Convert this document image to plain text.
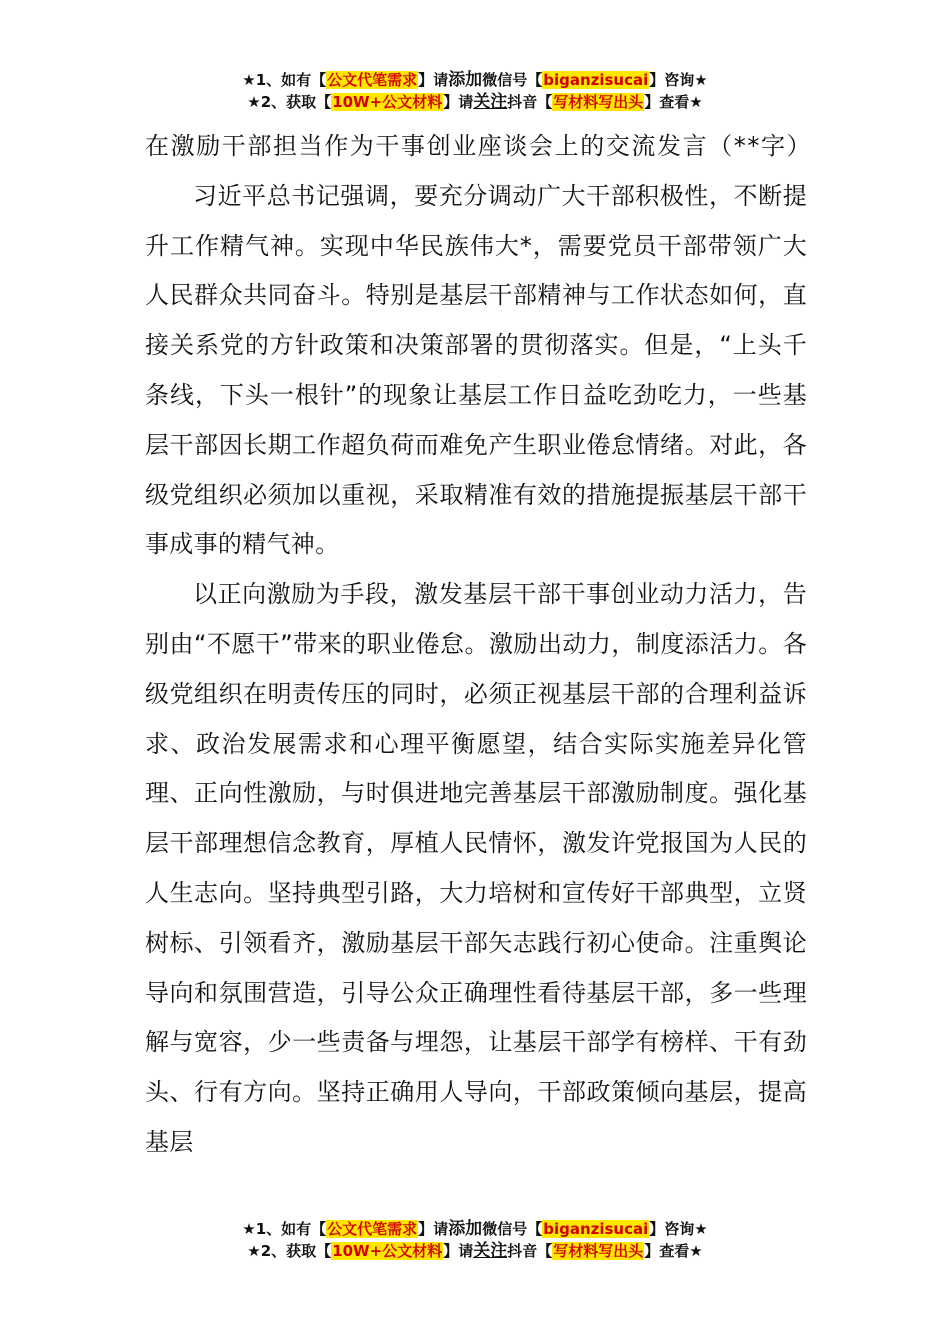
★1、如有【公文代笔需求】请添加微信号【biganzisucai】咨询★
★2、获取【10W+公文材料】请关注抖音【写材料写出头】查看★

在激励干部担当作为干事创业座谈会上的交流发言（**字）

习近平总书记强调，要充分调动广大干部积极性，不断提升工作精气神。实现中华民族伟大*，需要党员干部带领广大人民群众共同奋斗。特别是基层干部精神与工作状态如何，直接关系党的方针政策和决策部署的贯彻落实。但是，“上头千条线，下头一根针”的现象让基层工作日益吃劲吃力，一些基层干部因长期工作超负荷而难免产生职业倦怠情绪。对此，各级党组织必须加以重视，采取精准有效的措施提振基层干部干事成事的精气神。

以正向激励为手段，激发基层干部干事创业动力活力，告别由“不愿干”带来的职业倦怠。激励出动力，制度添活力。各级党组织在明责传压的同时，必须正视基层干部的合理利益诉求、政治发展需求和心理平衡愿望，结合实际实施差异化管理、正向性激励，与时俱进地完善基层干部激励制度。强化基层干部理想信念教育，厚植人民情怀，激发许党报国为人民的人生志向。坚持典型引路，大力培树和宣传好干部典型，立贤树标、引领看齐，激励基层干部矢志践行初心使命。注重舆论导向和氛围营造，引导公众正确理性看待基层干部，多一些理解与宽容，少一些责备与埋怨，让基层干部学有榜样、干有劲头、行有方向。坚持正确用人导向，干部政策倾向基层，提高基层

★1、如有【公文代笔需求】请添加微信号【biganzisucai】咨询★
★2、获取【10W+公文材料】请关注抖音【写材料写出头】查看★
